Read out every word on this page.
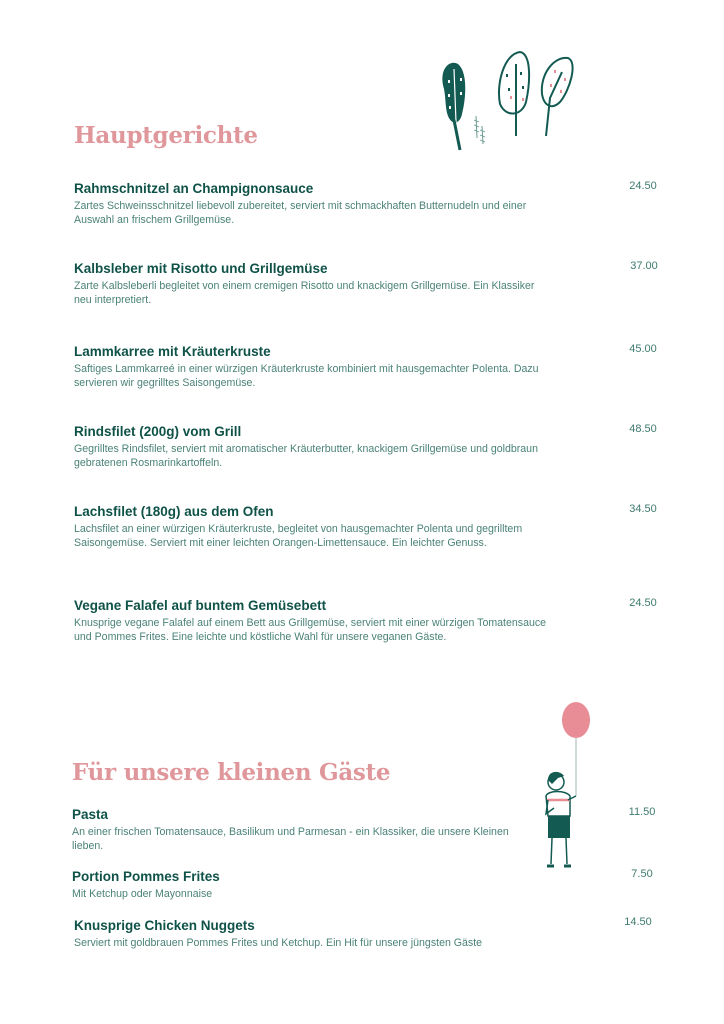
Hauptgerichte

Rahmschnitzel an Champignonsauce

Zartes Schweinsschnitzel liebevoll zubereitet, serviert mit schmackhaften Butternudeln und einer Auswahl an frischem Grillgemüse.

24.50

Kalbsleber mit Risotto und Grillgemüse

Zarte Kalbsleberli begleitet von einem cremigen Risotto und knackigem Grillgemüse. Ein Klassiker neu interpretiert.

37.00

Lammkarree mit Kräuterkruste

Saftiges Lammkarreé in einer würzigen Kräuterkruste kombiniert mit hausgemachter Polenta. Dazu servieren wir gegrilltes Saisongemüse.

45.00

Rindsfilet (200g) vom Grill

Gegrilltes Rindsfilet, serviert mit aromatischer Kräuterbutter, knackigem Grillgemüse und goldbraun gebratenen Rosmarinkartoffeln.

48.50

Lachsfilet (180g) aus dem Ofen

Lachsfilet an einer würzigen Kräuterkruste, begleitet von hausgemachter Polenta und gegrilltem Saisongemüse. Serviert mit einer leichten Orangen-Limettensauce. Ein leichter Genuss.

34.50

Vegane Falafel auf buntem Gemüsebett

Knusprige vegane Falafel auf einem Bett aus Grillgemüse, serviert mit einer würzigen Tomatensauce und Pommes Frites. Eine leichte und köstliche Wahl für unsere veganen Gäste.

24.50
Für unsere kleinen Gäste

Pasta

An einer frischen Tomatensauce, Basilikum und Parmesan - ein Klassiker, die unsere Kleinen lieben.

11.50

Portion Pommes Frites

Mit Ketchup oder Mayonnaise

7.50

Knusprige Chicken Nuggets

Serviert mit goldbrauen Pommes Frites und Ketchup. Ein Hit für unsere jüngsten Gäste

14.50
